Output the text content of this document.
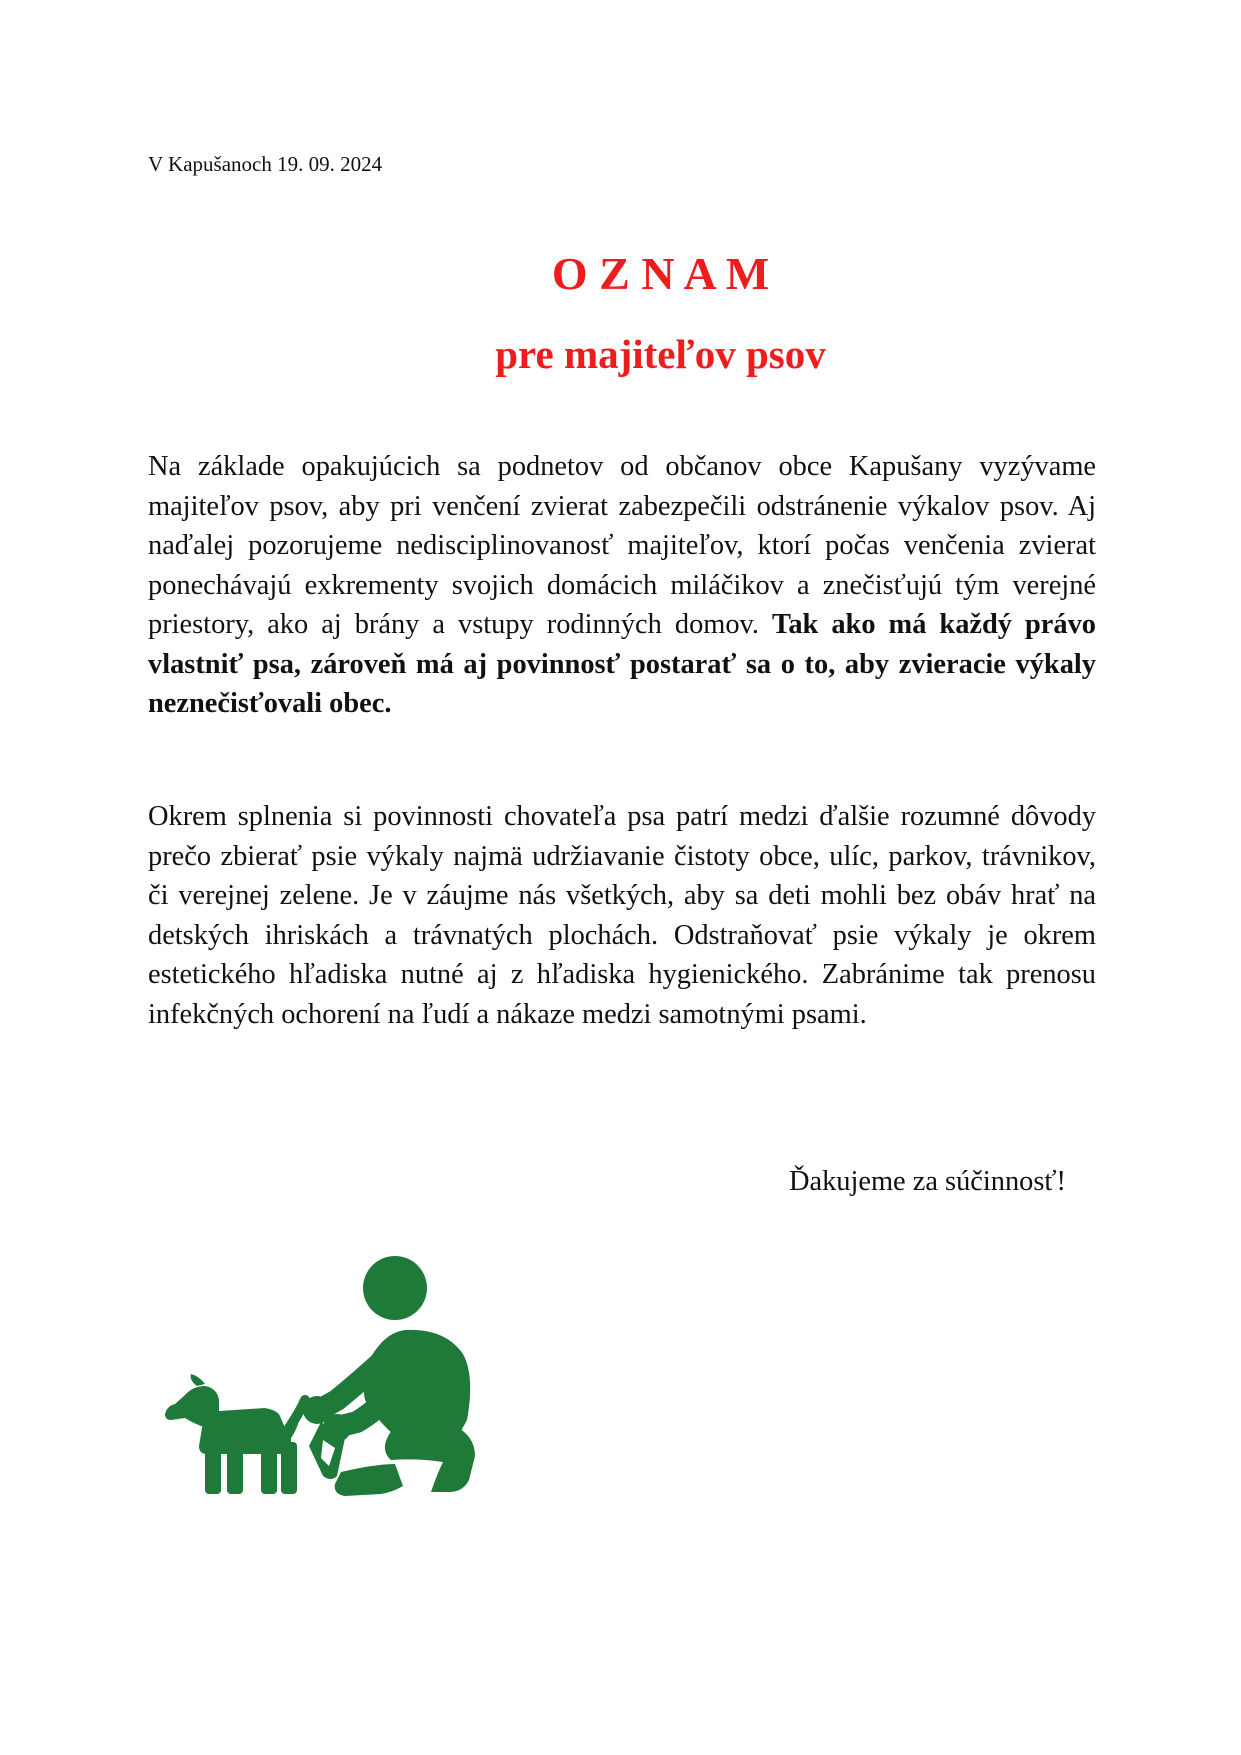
V Kapušanoch 19. 09. 2024
O Z N A M
pre majiteľov psov

Na základe opakujúcich sa podnetov od občanov obce Kapušany vyzývame majiteľov psov, aby pri venčení zvierat zabezpečili odstránenie výkalov psov. Aj naďalej pozorujeme nedisciplinovanosť majiteľov, ktorí počas venčenia zvierat ponechávajú exkrementy svojich domácich miláčikov a znečisťujú tým verejné priestory, ako aj brány a vstupy rodinných domov. Tak ako má každý právo vlastniť psa, zároveň má aj povinnosť postarať sa o to, aby zvieracie výkaly neznečisťovali obec.

Okrem splnenia si povinnosti chovateľa psa patrí medzi ďalšie rozumné dôvody prečo zbierať psie výkaly najmä udržiavanie čistoty obce, ulíc, parkov, trávnikov, či verejnej zelene. Je v záujme nás všetkých, aby sa deti mohli bez obáv hrať na detských ihriskách a trávnatých plochách. Odstraňovať psie výkaly je okrem estetického hľadiska nutné aj z hľadiska hygienického. Zabránime tak prenosu infekčných ochorení na ľudí a nákaze medzi samotnými psami.

Ďakujeme za súčinnosť!
